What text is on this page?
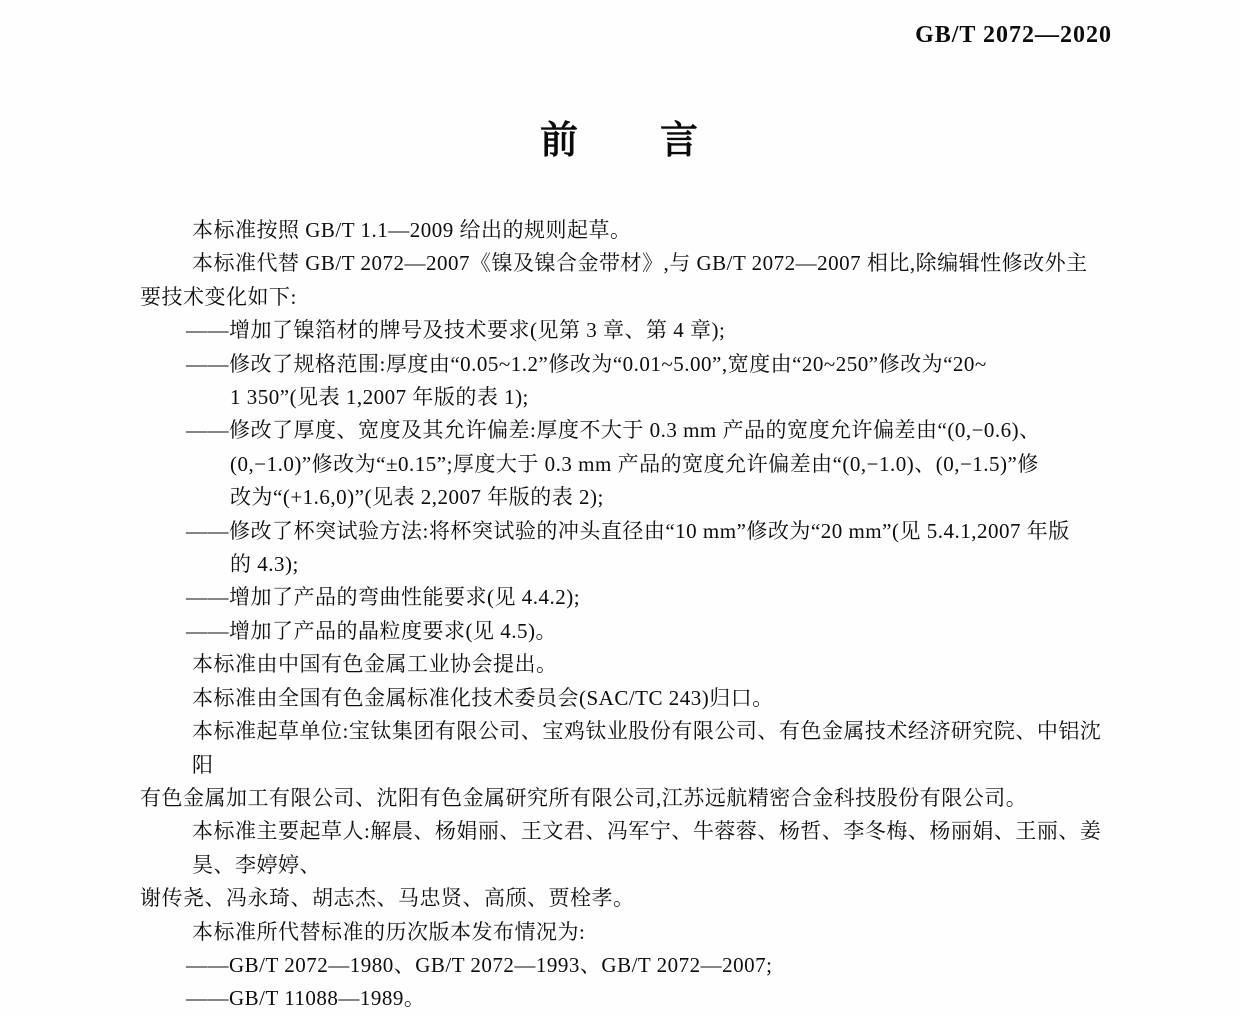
GB/T 2072—2020
前　　言
本标准按照 GB/T 1.1—2009 给出的规则起草。
本标准代替 GB/T 2072—2007《镍及镍合金带材》,与 GB/T 2072—2007 相比,除编辑性修改外主
要技术变化如下:
——增加了镍箔材的牌号及技术要求(见第 3 章、第 4 章);
——修改了规格范围:厚度由“0.05~1.2”修改为“0.01~5.00”,宽度由“20~250”修改为“20~
1 350”(见表 1,2007 年版的表 1);
——修改了厚度、宽度及其允许偏差:厚度不大于 0.3 mm 产品的宽度允许偏差由“(0,−0.6)、
(0,−1.0)”修改为“±0.15”;厚度大于 0.3 mm 产品的宽度允许偏差由“(0,−1.0)、(0,−1.5)”修
改为“(+1.6,0)”(见表 2,2007 年版的表 2);
——修改了杯突试验方法:将杯突试验的冲头直径由“10 mm”修改为“20 mm”(见 5.4.1,2007 年版
的 4.3);
——增加了产品的弯曲性能要求(见 4.4.2);
——增加了产品的晶粒度要求(见 4.5)。
本标准由中国有色金属工业协会提出。
本标准由全国有色金属标准化技术委员会(SAC/TC 243)归口。
本标准起草单位:宝钛集团有限公司、宝鸡钛业股份有限公司、有色金属技术经济研究院、中铝沈阳
有色金属加工有限公司、沈阳有色金属研究所有限公司,江苏远航精密合金科技股份有限公司。
本标准主要起草人:解晨、杨娟丽、王文君、冯军宁、牛蓉蓉、杨哲、李冬梅、杨丽娟、王丽、姜昊、李婷婷、
谢传尧、冯永琦、胡志杰、马忠贤、高颀、贾栓孝。
本标准所代替标准的历次版本发布情况为:
——GB/T 2072—1980、GB/T 2072—1993、GB/T 2072—2007;
——GB/T 11088—1989。
